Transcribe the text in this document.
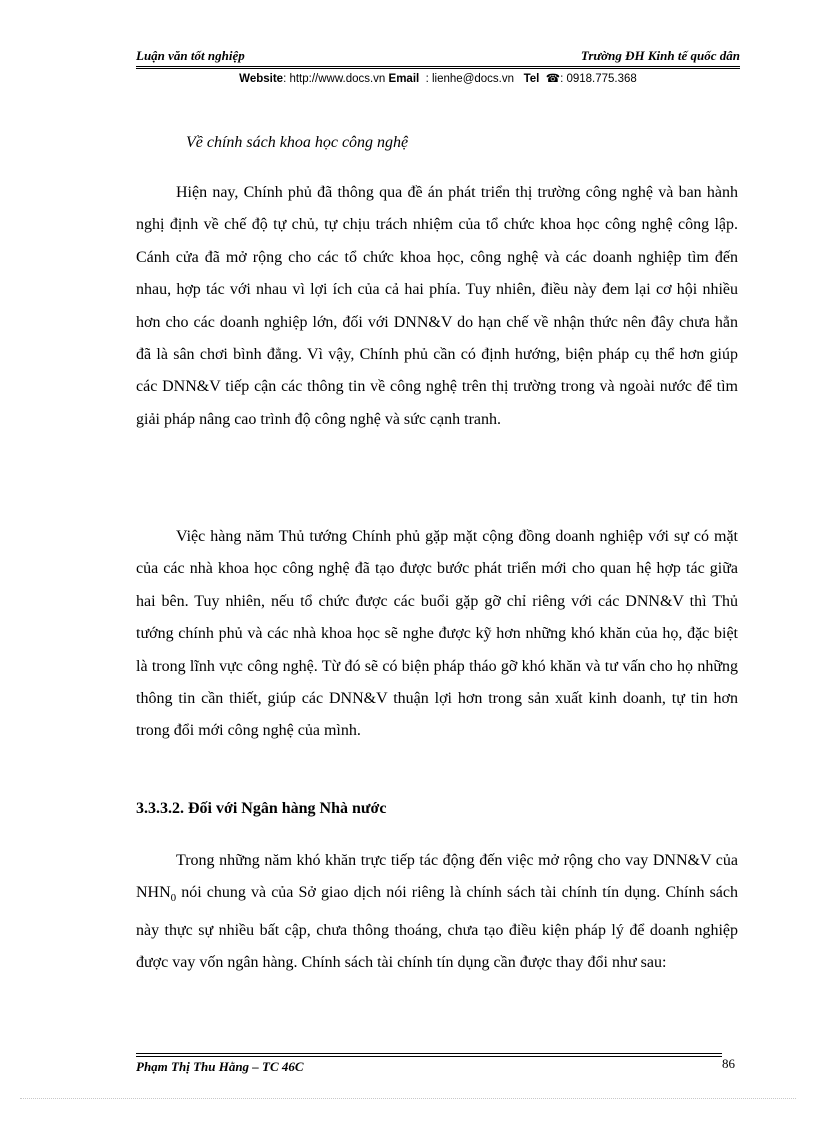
Luận văn tốt nghiệp	Trường ĐH Kinh tế quốc dân
Website: http://www.docs.vn Email : lienhe@docs.vn Tel ☎: 0918.775.368
Về chính sách khoa học công nghệ

Hiện nay, Chính phủ đã thông qua đề án phát triển thị trường công nghệ và ban hành nghị định về chế độ tự chủ, tự chịu trách nhiệm của tổ chức khoa học công nghệ công lập. Cánh cửa đã mở rộng cho các tổ chức khoa học, công nghệ và các doanh nghiệp tìm đến nhau, hợp tác với nhau vì lợi ích của cả hai phía. Tuy nhiên, điều này đem lại cơ hội nhiều hơn cho các doanh nghiệp lớn, đối với DNN&V do hạn chế về nhận thức nên đây chưa hẳn đã là sân chơi bình đẳng. Vì vậy, Chính phủ cần có định hướng, biện pháp cụ thể hơn giúp các DNN&V tiếp cận các thông tin về công nghệ trên thị trường trong và ngoài nước để tìm giải pháp nâng cao trình độ công nghệ và sức cạnh tranh.

Việc hàng năm Thủ tướng Chính phủ gặp mặt cộng đồng doanh nghiệp với sự có mặt của các nhà khoa học công nghệ đã tạo được bước phát triển mới cho quan hệ hợp tác giữa hai bên. Tuy nhiên, nếu tổ chức được các buổi gặp gỡ chỉ riêng với các DNN&V thì Thủ tướng chính phủ và các nhà khoa học sẽ nghe được kỹ hơn những khó khăn của họ, đặc biệt là trong lĩnh vực công nghệ. Từ đó sẽ có biện pháp tháo gỡ khó khăn và tư vấn cho họ những thông tin cần thiết, giúp các DNN&V thuận lợi hơn trong sản xuất kinh doanh, tự tin hơn trong đổi mới công nghệ của mình.

3.3.3.2. Đối với Ngân hàng Nhà nước

Trong những năm khó khăn trực tiếp tác động đến việc mở rộng cho vay DNN&V của $NHN_0$ nói chung và của Sở giao dịch nói riêng là chính sách tài chính tín dụng. Chính sách này thực sự nhiều bất cập, chưa thông thoáng, chưa tạo điều kiện pháp lý để doanh nghiệp được vay vốn ngân hàng. Chính sách tài chính tín dụng cần được thay đổi như sau:

Phạm Thị Thu Hằng – TC 46C	86
